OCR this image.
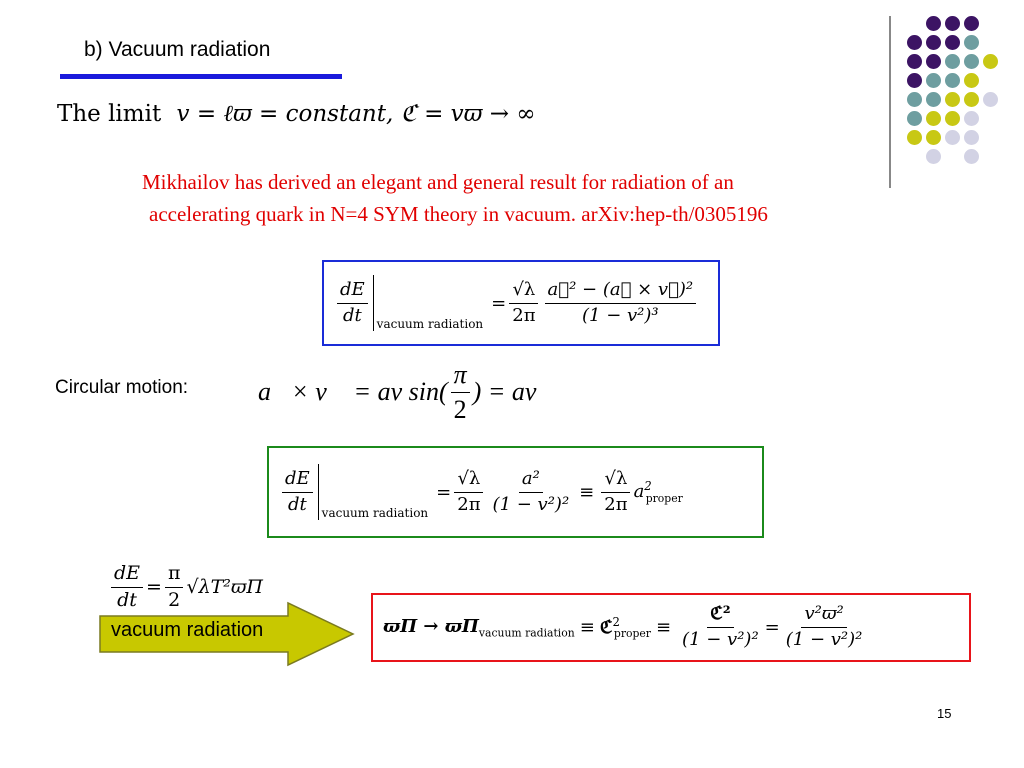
b) Vacuum radiation
The limit v = ℓϖ = constant, ℭ = vϖ → ∞
Mikhailov has derived an elegant and general result for radiation of an
accelerating quark in N=4 SYM theory in vacuum. arXiv:hep-th/0305196
$\frac{dE}{dt}$ vacuum radiation
= $\frac{√\lambda}{2\pi} \frac{\text{a⃗² − (a⃗ × v⃗)²}}{\text{(1 − v²)³}}$
Circular motion:	a⃗× v⃗ = av $\sin( \frac{\pi}{2}$ ) = av
$\frac{dE}{dt}$ vacuum radiation
= $\frac{√\lambda}{2\pi} \frac{\text{a²}}{\text{(1 − v²)²}} \equiv \frac{√\lambda}{2\pi} a^2_{proper}$
$\frac{dE}{dt} = \frac{\pi}{2} √\lambda T^2ϖ\Pi$
vacuum radiation	$ϖ\Pi \to ϖ\Pi_{vacuum radiation}$ ≡ ℭ$^2_{proper}$ ≡ $\frac{\text{ℭ²}}{\text{(1 − v²)²}} = \frac{\text{v²ϖ²}}{\text{(1 − v²)²}}$
15
